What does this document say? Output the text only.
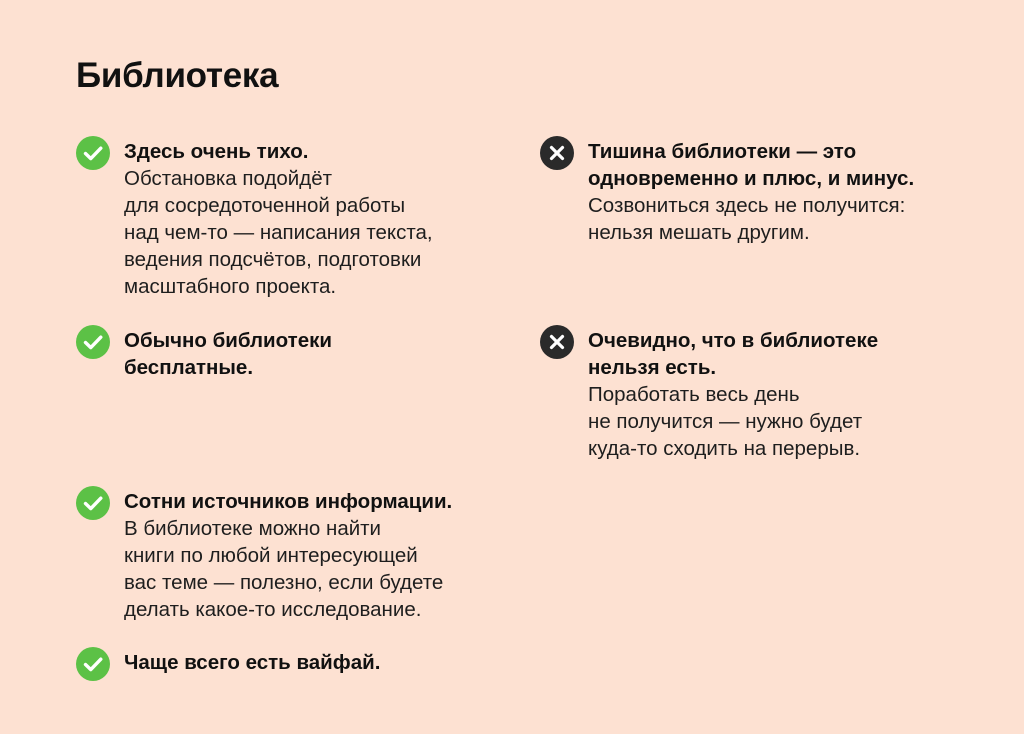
Библиотека
Здесь очень тихо.
Обстановка подойдёт
для сосредоточенной работы
над чем-то — написания текста,
ведения подсчётов, подготовки
масштабного проекта.
Обычно библиотеки
бесплатные.
Сотни источников информации.
В библиотеке можно найти
книги по любой интересующей
вас теме — полезно, если будете
делать какое-то исследование.
Чаще всего есть вайфай.
Тишина библиотеки — это
одновременно и плюс, и минус.
Созвониться здесь не получится:
нельзя мешать другим.
Очевидно, что в библиотеке
нельзя есть.
Поработать весь день
не получится — нужно будет
куда-то сходить на перерыв.
